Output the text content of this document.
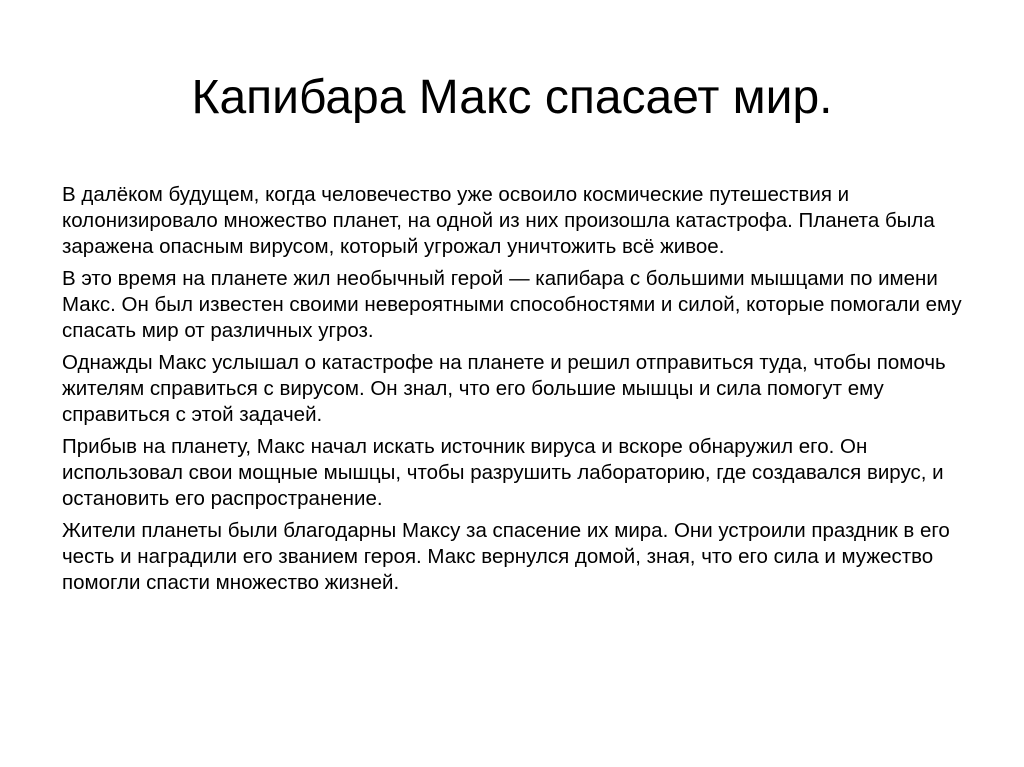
Капибара Макс спасает мир.

В далёком будущем, когда человечество уже освоило космические путешествия и колонизировало множество планет, на одной из них произошла катастрофа. Планета была заражена опасным вирусом, который угрожал уничтожить всё живое.

В это время на планете жил необычный герой — капибара с большими мышцами по имени Макс. Он был известен своими невероятными способностями и силой, которые помогали ему спасать мир от различных угроз.

Однажды Макс услышал о катастрофе на планете и решил отправиться туда, чтобы помочь жителям справиться с вирусом. Он знал, что его большие мышцы и сила помогут ему справиться с этой задачей.

Прибыв на планету, Макс начал искать источник вируса и вскоре обнаружил его. Он использовал свои мощные мышцы, чтобы разрушить лабораторию, где создавался вирус, и остановить его распространение.

Жители планеты были благодарны Максу за спасение их мира. Они устроили праздник в его честь и наградили его званием героя. Макс вернулся домой, зная, что его сила и мужество помогли спасти множество жизней.
